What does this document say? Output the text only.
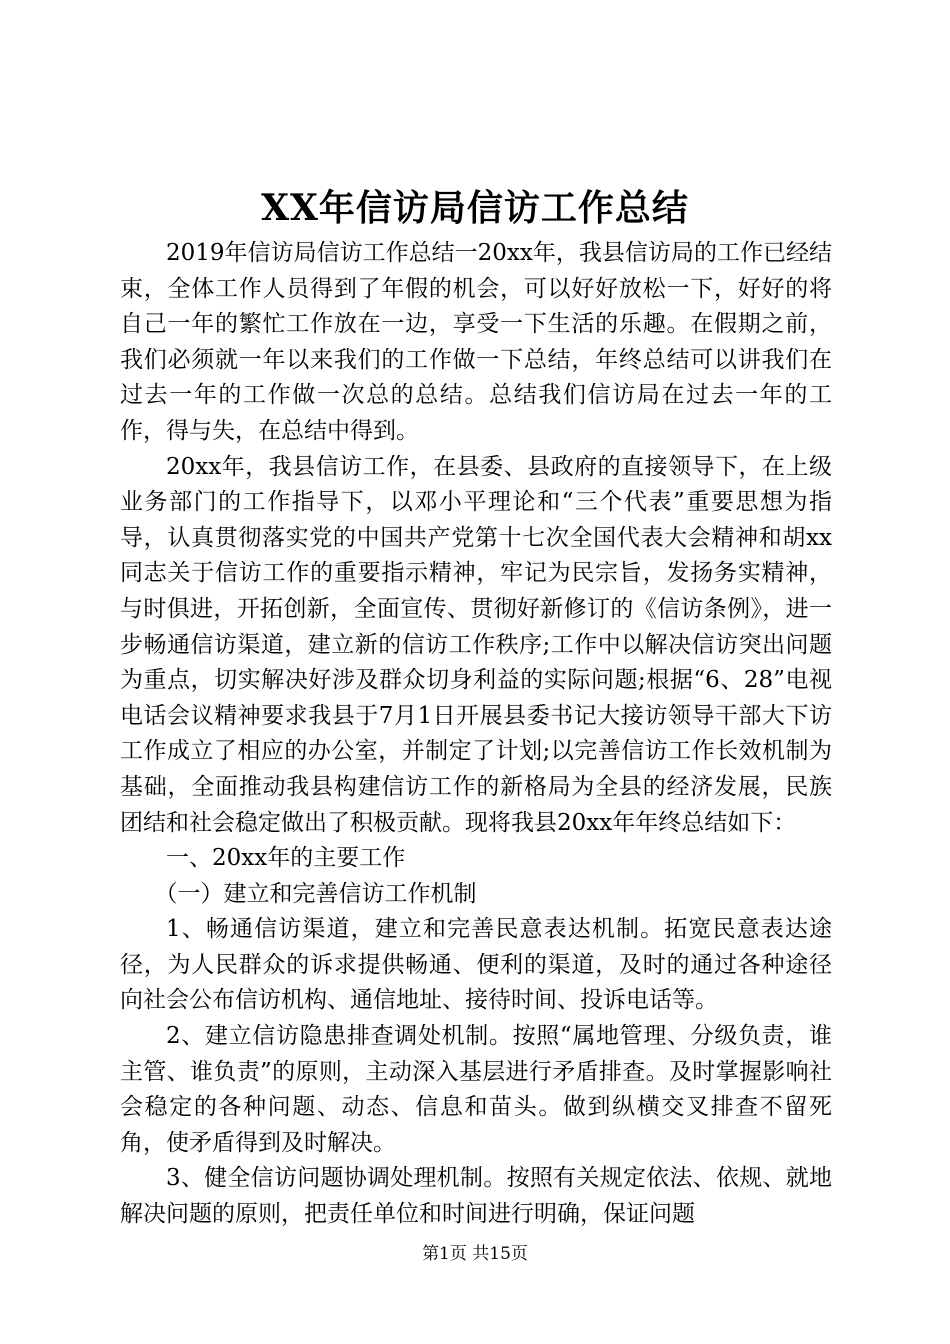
XX年信访局信访工作总结

2019年信访局信访工作总结一20xx年，我县信访局的工作已经结束，全体工作人员得到了年假的机会，可以好好放松一下，好好的将自己一年的繁忙工作放在一边，享受一下生活的乐趣。在假期之前，我们必须就一年以来我们的工作做一下总结，年终总结可以讲我们在过去一年的工作做一次总的总结。总结我们信访局在过去一年的工作，得与失，在总结中得到。

20xx年，我县信访工作，在县委、县政府的直接领导下，在上级业务部门的工作指导下，以邓小平理论和“三个代表”重要思想为指导，认真贯彻落实党的中国共产党第十七次全国代表大会精神和胡xx同志关于信访工作的重要指示精神，牢记为民宗旨，发扬务实精神，与时俱进，开拓创新，全面宣传、贯彻好新修订的《信访条例》，进一步畅通信访渠道，建立新的信访工作秩序;工作中以解决信访突出问题为重点，切实解决好涉及群众切身利益的实际问题;根据“6、28”电视电话会议精神要求我县于7月1日开展县委书记大接访领导干部大下访工作成立了相应的办公室，并制定了计划;以完善信访工作长效机制为基础，全面推动我县构建信访工作的新格局为全县的经济发展，民族团结和社会稳定做出了积极贡献。现将我县20xx年年终总结如下：

一、20xx年的主要工作

（一）建立和完善信访工作机制

1、畅通信访渠道，建立和完善民意表达机制。拓宽民意表达途径，为人民群众的诉求提供畅通、便利的渠道，及时的通过各种途径向社会公布信访机构、通信地址、接待时间、投诉电话等。

2、建立信访隐患排查调处机制。按照“属地管理、分级负责，谁主管、谁负责”的原则，主动深入基层进行矛盾排查。及时掌握影响社会稳定的各种问题、动态、信息和苗头。做到纵横交叉排查不留死角，使矛盾得到及时解决。

3、健全信访问题协调处理机制。按照有关规定依法、依规、就地解决问题的原则，把责任单位和时间进行明确，保证问题

第1页 共15页
